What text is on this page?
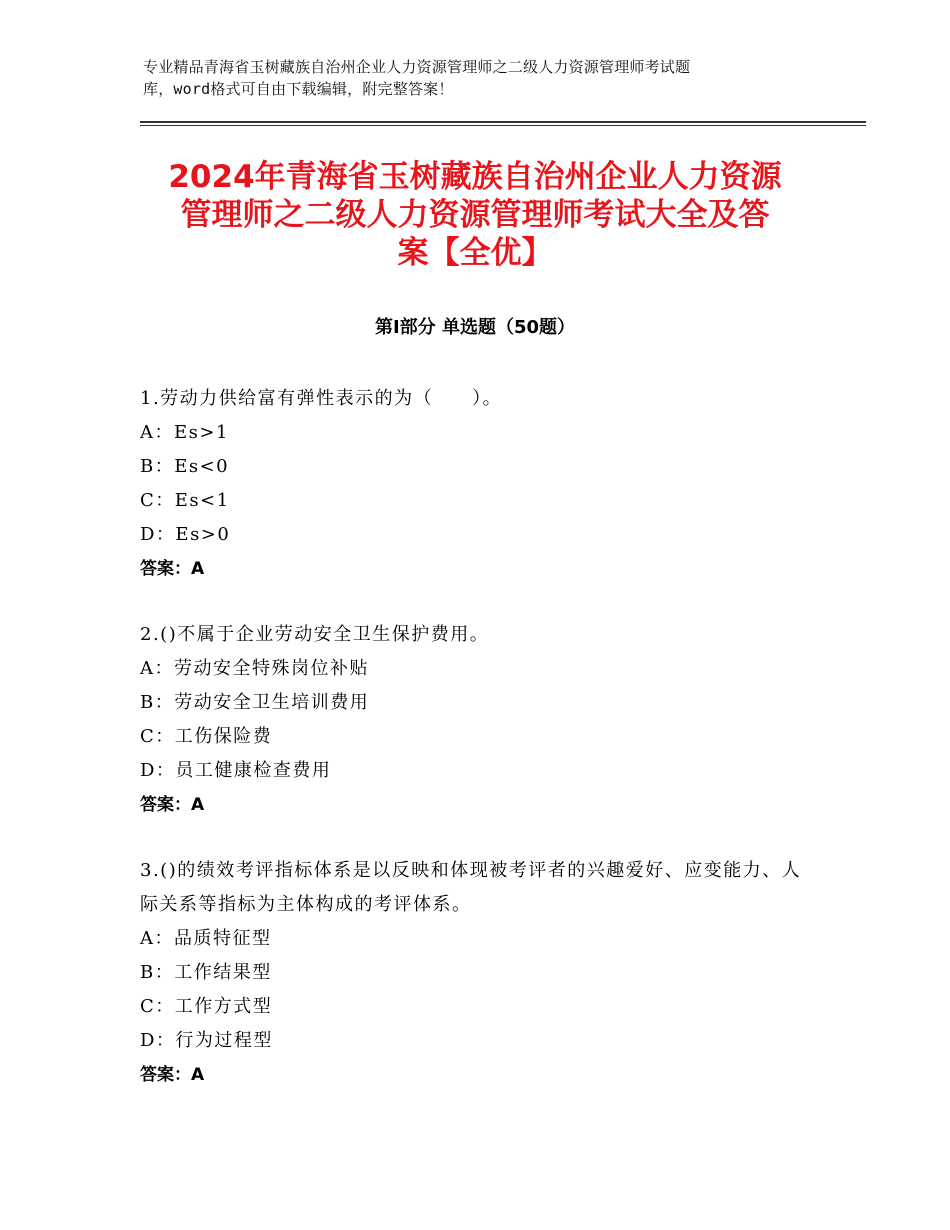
专业精品青海省玉树藏族自治州企业人力资源管理师之二级人力资源管理师考试题
库，word格式可自由下载编辑，附完整答案！
2024年青海省玉树藏族自治州企业人力资源
管理师之二级人力资源管理师考试大全及答
案【全优】
第Ⅰ部分 单选题（50题）
1.劳动力供给富有弹性表示的为（　　）。
A：Es>1
B：Es<0
C：Es<1
D：Es>0
答案：A
2.()不属于企业劳动安全卫生保护费用。
A：劳动安全特殊岗位补贴
B：劳动安全卫生培训费用
C：工伤保险费
D：员工健康检查费用
答案：A
3.()的绩效考评指标体系是以反映和体现被考评者的兴趣爱好、应变能力、人际关系等指标为主体构成的考评体系。
A：品质特征型
B：工作结果型
C：工作方式型
D：行为过程型
答案：A
